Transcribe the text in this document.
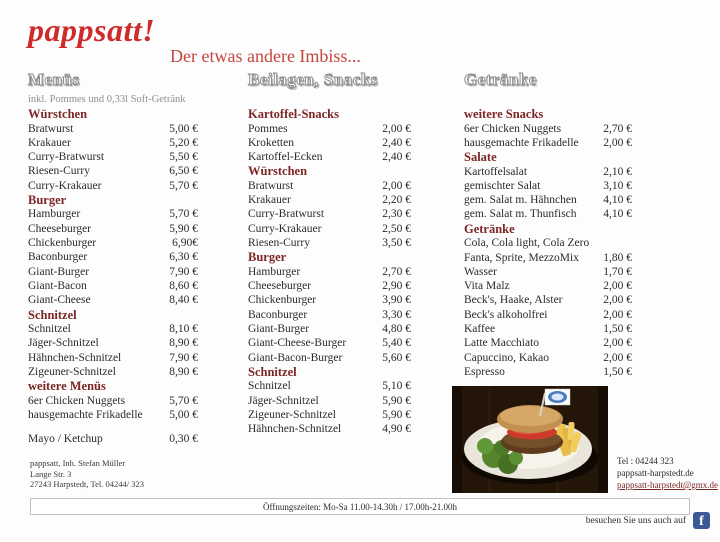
pappsatt!
Der etwas andere Imbiss...
Menüs
inkl. Pommes und 0,33l Soft-Getränk
Würstchen
Bratwurst	5,00 €
Krakauer	5,20 €
Curry-Bratwurst	5,50 €
Riesen-Curry	6,50 €
Curry-Krakauer	5,70 €
Burger
Hamburger	5,70 €
Cheeseburger	5,90 €
Chickenburger	6,90€
Baconburger	6,30 €
Giant-Burger	7,90 €
Giant-Bacon	8,60 €
Giant-Cheese	8,40 €
Schnitzel
Schnitzel	8,10 €
Jäger-Schnitzel	8,90 €
Hähnchen-Schnitzel	7,90 €
Zigeuner-Schnitzel	8,90 €
weitere Menüs
6er Chicken Nuggets	5,70 €
hausgemachte Frikadelle 5,00 €
Mayo / Ketchup	0,30 €
Beilagen, Snacks
Kartoffel-Snacks
Pommes	2,00 €
Kroketten	2,40 €
Kartoffel-Ecken	2,40 €
Würstchen
Bratwurst	2,00 €
Krakauer	2,20 €
Curry-Bratwurst	2,30 €
Curry-Krakauer	2,50 €
Riesen-Curry	3,50 €
Burger
Hamburger	2,70 €
Cheeseburger	2,90 €
Chickenburger	3,90 €
Baconburger	3,30 €
Giant-Burger	4,80 €
Giant-Cheese-Burger	5,40 €
Giant-Bacon-Burger	5,60 €
Schnitzel
Schnitzel	5,10 €
Jäger-Schnitzel	5,90 €
Zigeuner-Schnitzel	5,90 €
Hähnchen-Schnitzel	4,90 €
Getränke
weitere Snacks
6er Chicken Nuggets	2,70 €
hausgemachte Frikadelle 2,00 €
Salate
Kartoffelsalat	2,10 €
gemischter Salat	3,10 €
gem. Salat m. Hähnchen 4,10 €
gem. Salat m. Thunfisch 4,10 €
Getränke
Cola, Cola light, Cola Zero
Fanta, Sprite, MezzoMix 1,80 €
Wasser	1,70 €
Vita Malz	2,00 €
Beck's, Haake, Alster	2,00 €
Beck's alkoholfrei	2,00 €
Kaffee	1,50 €
Latte Macchiato	2,00 €
Capuccino, Kakao	2,00 €
Espresso	1,50 €
pappsatt, Inh. Stefan Müller
Lange Str. 3
27243 Harpstedt, Tel. 04244/ 323
Öffnungszeiten: Mo-Sa 11.00-14.30h / 17.00h-21.00h
Tel : 04244 323
pappsatt-harpstedt.de
pappsatt-harpstedt@gmx.de
besuchen Sie uns auch auf f
